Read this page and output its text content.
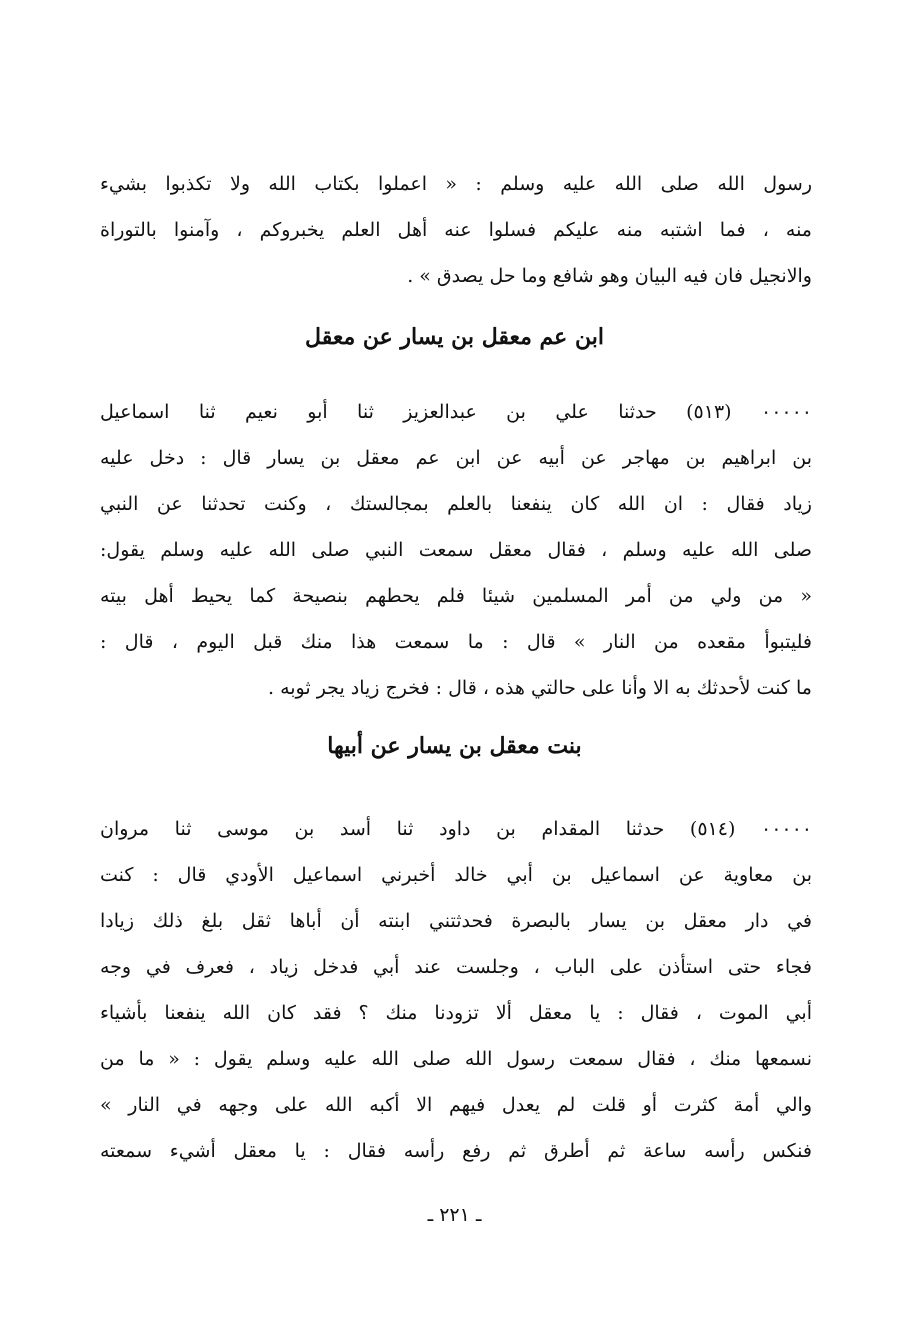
رسول الله صلى الله عليه وسلم : « اعملوا بكتاب الله ولا تكذبوا بشيء
منه ، فما اشتبه منه عليكم فسلوا عنه أهل العلم يخبروكم ، وآمنوا بالتوراة
والانجيل فان فيه البيان وهو شافع وما حل يصدق » .
ابن عم معقل بن يسار عن معقل
٠٠٠٠٠ (٥١٣) حدثنا علي بن عبدالعزيز ثنا أبو نعيم ثنا اسماعيل
بن ابراهيم بن مهاجر عن أبيه عن ابن عم معقل بن يسار قال : دخل عليه
زياد فقال : ان الله كان ينفعنا بالعلم بمجالستك ، وكنت تحدثنا عن النبي
صلى الله عليه وسلم ، فقال معقل سمعت النبي صلى الله عليه وسلم يقول:
« من ولي من أمر المسلمين شيئا فلم يحطهم بنصيحة كما يحيط أهل بيته
فليتبوأ مقعده من النار » قال : ما سمعت هذا منك قبل اليوم ، قال :
ما كنت لأحدثك به الا وأنا على حالتي هذه ، قال : فخرج زياد يجر ثوبه .
بنت معقل بن يسار عن أبيها
٠٠٠٠٠ (٥١٤) حدثنا المقدام بن داود ثنا أسد بن موسى ثنا مروان
بن معاوية عن اسماعيل بن أبي خالد أخبرني اسماعيل الأودي قال : كنت
في دار معقل بن يسار بالبصرة فحدثتني ابنته أن أباها ثقل بلغ ذلك زيادا
فجاء حتى استأذن على الباب ، وجلست عند أبي فدخل زياد ، فعرف في وجه
أبي الموت ، فقال : يا معقل ألا تزودنا منك ؟ فقد كان الله ينفعنا بأشياء
نسمعها منك ، فقال سمعت رسول الله صلى الله عليه وسلم يقول : « ما من
والي أمة كثرت أو قلت لم يعدل فيهم الا أكبه الله على وجهه في النار »
فنكس رأسه ساعة ثم أطرق ثم رفع رأسه فقال : يا معقل أشيء سمعته
ـ ٢٢١ ـ
